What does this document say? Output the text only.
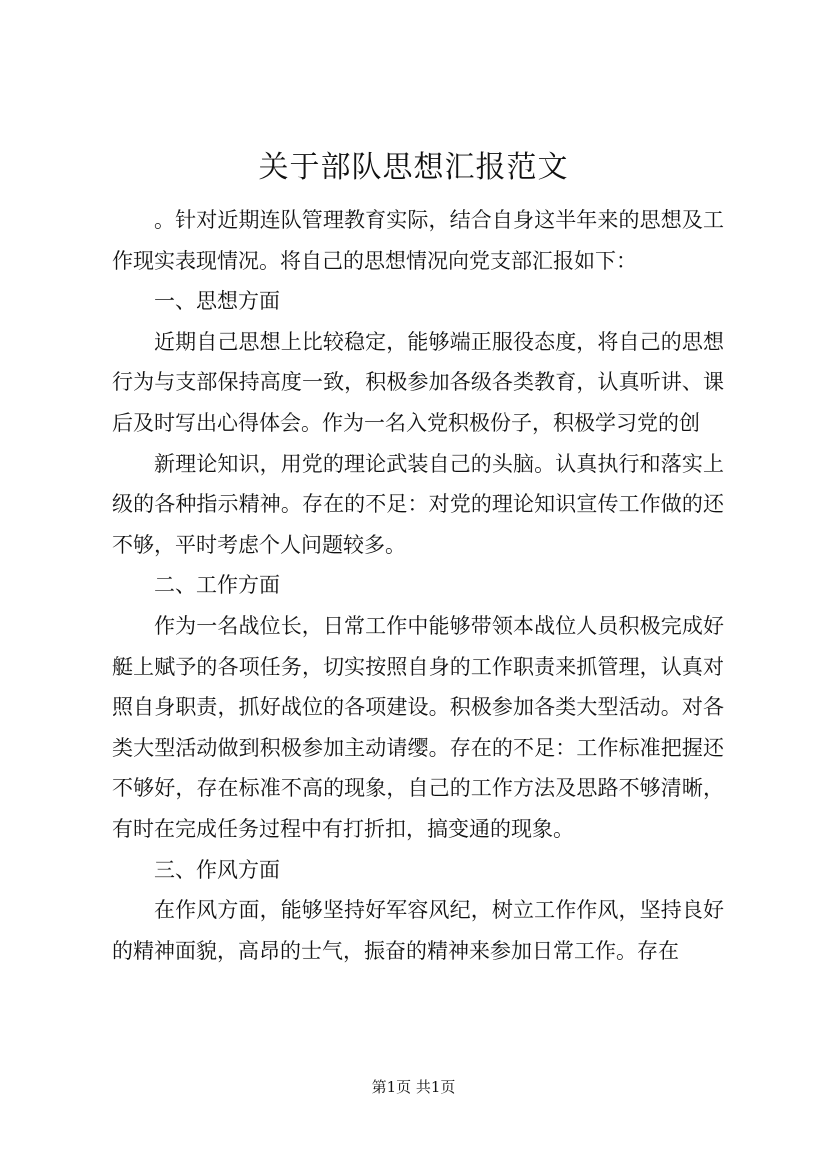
关于部队思想汇报范文

。针对近期连队管理教育实际，结合自身这半年来的思想及工作现实表现情况。将自己的思想情况向党支部汇报如下：

一、思想方面

近期自己思想上比较稳定，能够端正服役态度，将自己的思想行为与支部保持高度一致，积极参加各级各类教育，认真听讲、课后及时写出心得体会。作为一名入党积极份子，积极学习党的创

新理论知识，用党的理论武装自己的头脑。认真执行和落实上级的各种指示精神。存在的不足：对党的理论知识宣传工作做的还不够，平时考虑个人问题较多。

二、工作方面

作为一名战位长，日常工作中能够带领本战位人员积极完成好艇上赋予的各项任务，切实按照自身的工作职责来抓管理，认真对照自身职责，抓好战位的各项建设。积极参加各类大型活动。对各类大型活动做到积极参加主动请缨。存在的不足：工作标准把握还不够好，存在标准不高的现象，自己的工作方法及思路不够清晰，有时在完成任务过程中有打折扣，搞变通的现象。

三、作风方面

在作风方面，能够坚持好军容风纪，树立工作作风，坚持良好的精神面貌，高昂的士气，振奋的精神来参加日常工作。存在

第1页 共1页
